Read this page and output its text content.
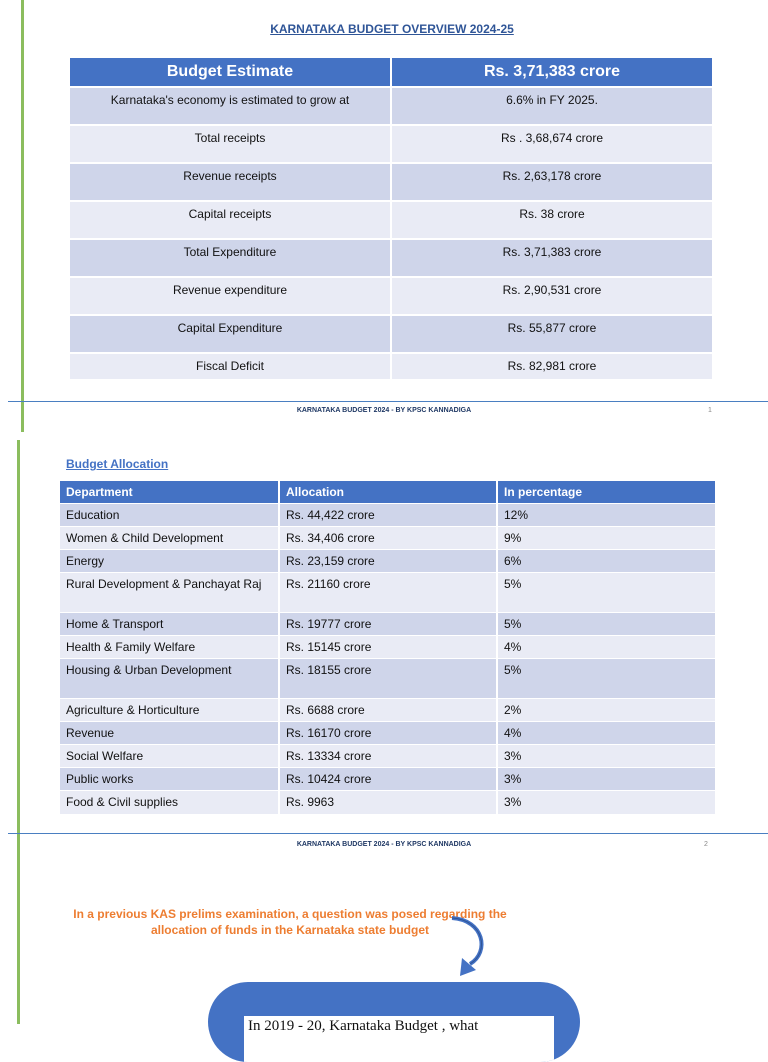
KARNATAKA BUDGET OVERVIEW 2024-25
Budget Estimate	Rs. 3,71,383 crore
Karnataka's economy is estimated to grow at	6.6% in FY 2025.
Total receipts	Rs . 3,68,674 crore
Revenue receipts	Rs. 2,63,178 crore
Capital receipts	Rs. 38 crore
Total Expenditure	Rs. 3,71,383 crore
Revenue expenditure	Rs. 2,90,531 crore
Capital Expenditure	Rs. 55,877 crore
Fiscal Deficit	Rs. 82,981 crore
KARNATAKA BUDGET 2024 - BY KPSC KANNADIGA	1
Budget Allocation
Department	Allocation	In percentage
Education	Rs. 44,422 crore	12%
Women & Child Development	Rs. 34,406 crore	9%
Energy	Rs. 23,159 crore	6%
Rural Development & Panchayat Raj	Rs. 21160 crore	5%
Home & Transport	Rs. 19777 crore	5%
Health & Family Welfare	Rs. 15145 crore	4%
Housing & Urban Development	Rs. 18155 crore	5%
Agriculture & Horticulture	Rs. 6688 crore	2%
Revenue	Rs. 16170 crore	4%
Social Welfare	Rs. 13334 crore	3%
Public works	Rs. 10424 crore	3%
Food & Civil supplies	Rs. 9963	3%
KARNATAKA BUDGET 2024 - BY KPSC KANNADIGA	2
In a previous KAS prelims examination, a question was posed regarding the allocation of funds in the Karnataka state budget
In 2019 - 20, Karnataka Budget , what
